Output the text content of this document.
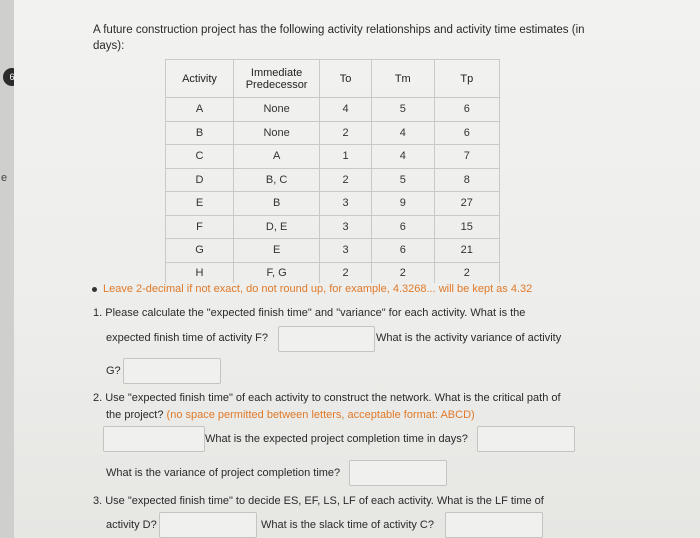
6
e
A future construction project has the following activity relationships and activity time estimates (in days):
Activity	Immediate Predecessor	To	Tm	Tp
A	None	4	5	6
B	None	2	4	6
C	A	1	4	7
D	B, C	2	5	8
E	B	3	9	27
F	D, E	3	6	15
G	E	3	6	21
H	F, G	2	2	2
Leave 2-decimal if not exact, do not round up, for example, 4.3268... will be kept as 4.32
1. Please calculate the "expected finish time" and "variance" for each activity. What is the
expected finish time of activity F?	What is the activity variance of activity
G?
2. Use "expected finish time" of each activity to construct the network. What is the critical path of
the project? (no space permitted between letters, acceptable format: ABCD)
What is the expected project completion time in days?
What is the variance of project completion time?
3. Use "expected finish time" to decide ES, EF, LS, LF of each activity. What is the LF time of
activity D?	What is the slack time of activity C?
